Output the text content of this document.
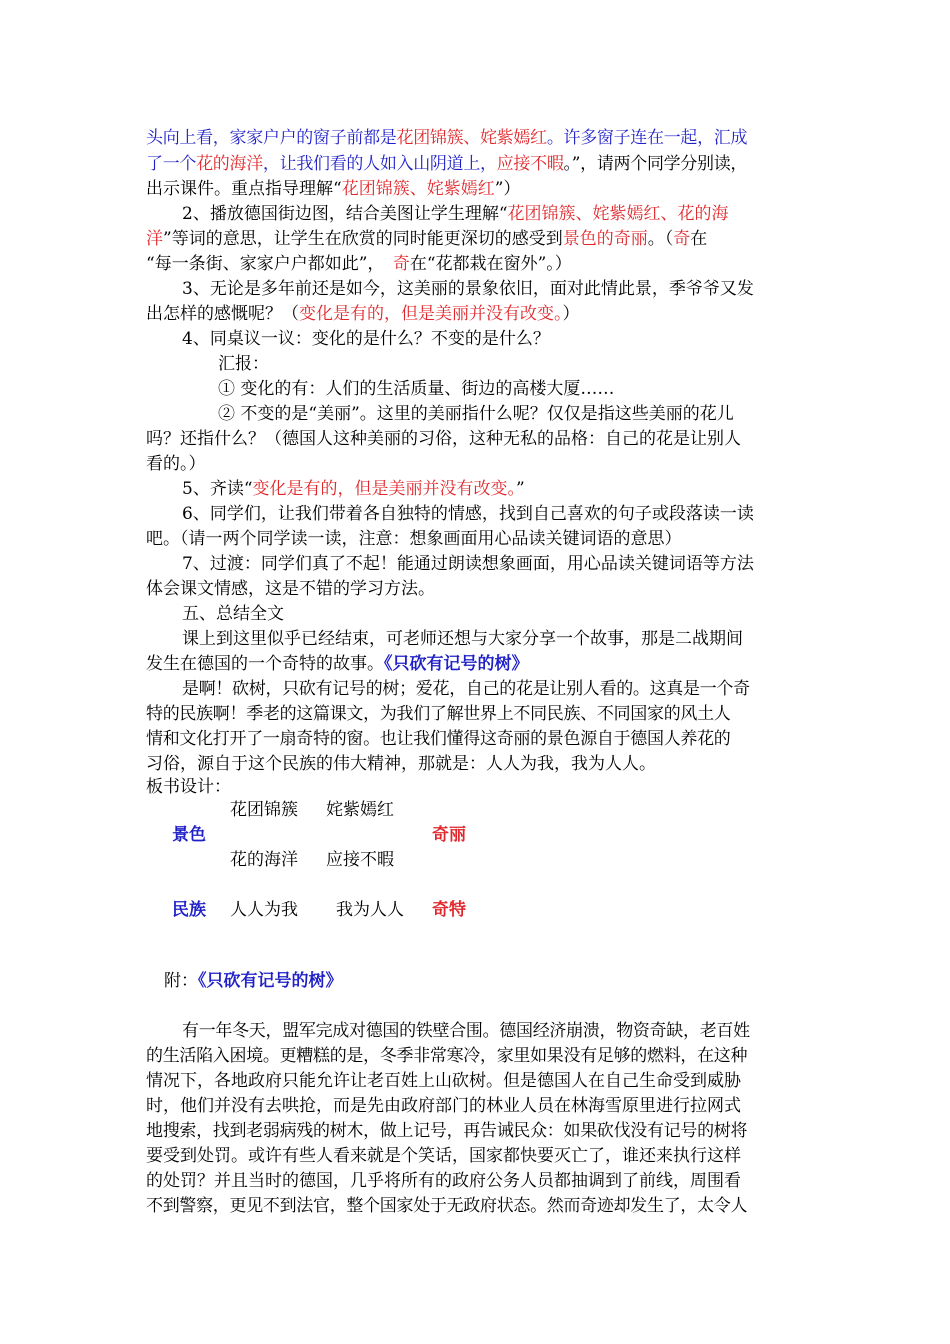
头向上看，家家户户的窗子前都是花团锦簇、姹紫嫣红。许多窗子连在一起，汇成
了一个花的海洋，让我们看的人如入山阴道上，应接不暇。”，请两个同学分别读，
出示课件。重点指导理解“花团锦簇、姹紫嫣红”）
2、播放德国街边图，结合美图让学生理解“花团锦簇、姹紫嫣红、花的海
洋”等词的意思，让学生在欣赏的同时能更深切的感受到景色的奇丽。（奇在
“每一条街、家家户户都如此”，　奇在“花都栽在窗外”。）
3、无论是多年前还是如今，这美丽的景象依旧，面对此情此景，季爷爷又发
出怎样的感慨呢？（变化是有的，但是美丽并没有改变。）
4、同桌议一议：变化的是什么？不变的是什么？
汇报：
① 变化的有：人们的生活质量、街边的高楼大厦……
② 不变的是“美丽”。这里的美丽指什么呢？仅仅是指这些美丽的花儿
吗？还指什么？（德国人这种美丽的习俗，这种无私的品格：自己的花是让别人
看的。）
5、齐读“变化是有的，但是美丽并没有改变。”
6、同学们，让我们带着各自独特的情感，找到自己喜欢的句子或段落读一读
吧。（请一两个同学读一读，注意：想象画面用心品读关键词语的意思）
7、过渡：同学们真了不起！能通过朗读想象画面，用心品读关键词语等方法
体会课文情感，这是不错的学习方法。
五、总结全文
课上到这里似乎已经结束，可老师还想与大家分享一个故事，那是二战期间
发生在德国的一个奇特的故事。《只砍有记号的树》
是啊！砍树，只砍有记号的树；爱花，自己的花是让别人看的。这真是一个奇
特的民族啊！季老的这篇课文，为我们了解世界上不同民族、不同国家的风土人
情和文化打开了一扇奇特的窗。也让我们懂得这奇丽的景色源自于德国人养花的
习俗，源自于这个民族的伟大精神，那就是：人人为我，我为人人。
板书设计：
花团锦簇 姹紫嫣红
景色	奇丽
花的海洋 应接不暇
民族 人人为我 我为人人 奇特
附：《只砍有记号的树》
有一年冬天，盟军完成对德国的铁壁合围。德国经济崩溃，物资奇缺，老百姓
的生活陷入困境。更糟糕的是，冬季非常寒冷，家里如果没有足够的燃料，在这种
情况下，各地政府只能允许让老百姓上山砍树。但是德国人在自己生命受到威胁
时，他们并没有去哄抢，而是先由政府部门的林业人员在林海雪原里进行拉网式
地搜索，找到老弱病残的树木，做上记号，再告诫民众：如果砍伐没有记号的树将
要受到处罚。或许有些人看来就是个笑话，国家都快要灭亡了，谁还来执行这样
的处罚？并且当时的德国，几乎将所有的政府公务人员都抽调到了前线，周围看
不到警察，更见不到法官，整个国家处于无政府状态。然而奇迹却发生了，太令人
